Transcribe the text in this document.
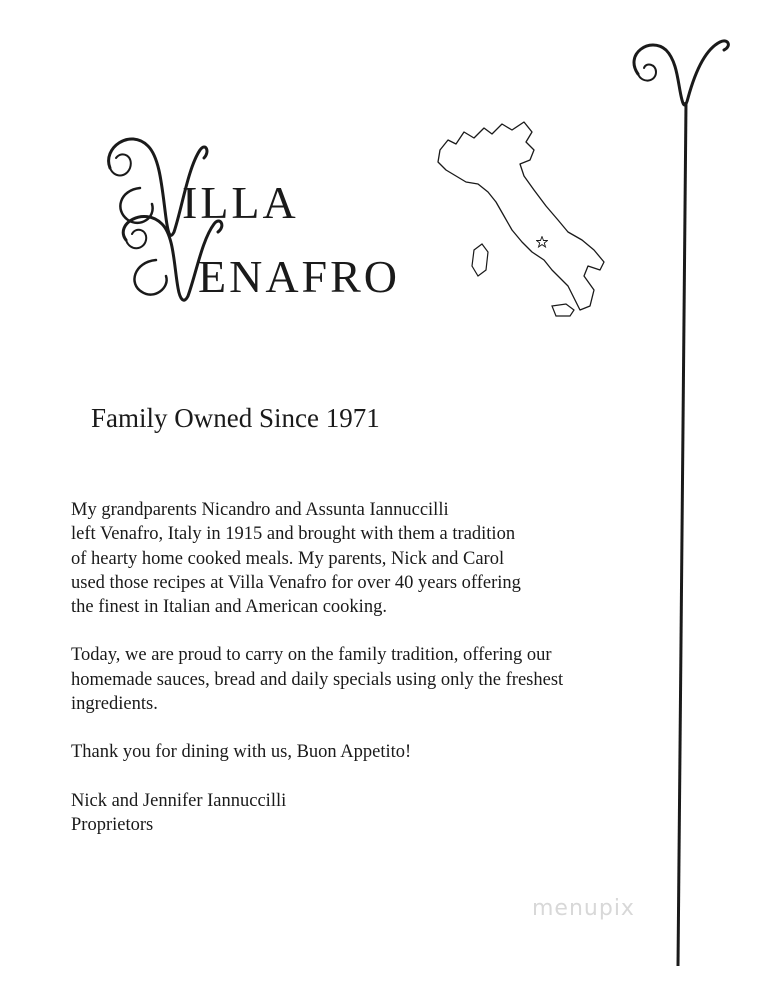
ILLA
ENAFRO
Family Owned Since 1971

My grandparents Nicandro and Assunta Iannuccilli
left Venafro, Italy in 1915 and brought with them a tradition
of hearty home cooked meals. My parents, Nick and Carol
used those recipes at Villa Venafro for over 40 years offering
the finest in Italian and American cooking.

Today, we are proud to carry on the family tradition, offering our
homemade sauces, bread and daily specials using only the freshest
ingredients.

Thank you for dining with us, Buon Appetito!

Nick and Jennifer Iannuccilli
Proprietors

menupix
